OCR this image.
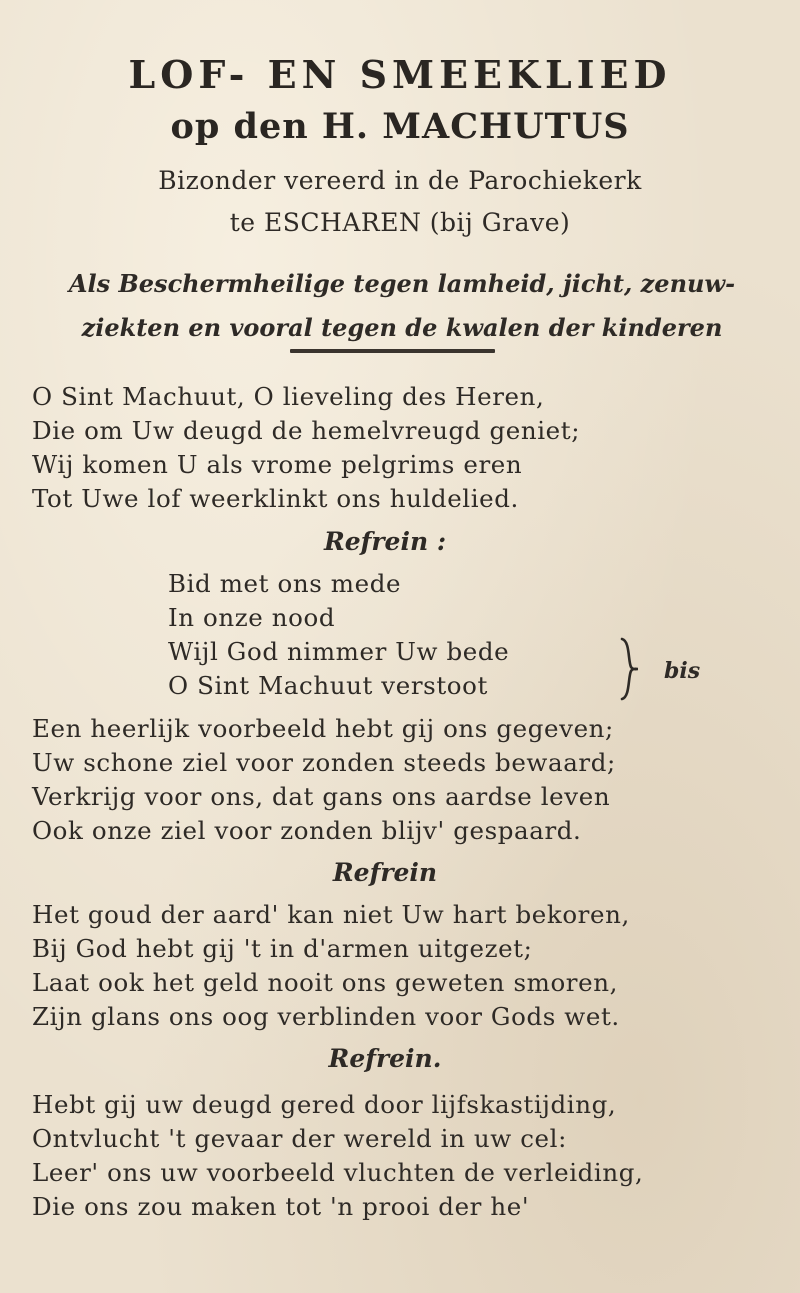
LOF- EN SMEEKLIED
op den H. MACHUTUS
Bizonder vereerd in de Parochiekerk
te ESCHAREN (bij Grave)
Als Beschermheilige tegen lamheid, jicht, zenuw-
ziekten en vooral tegen de kwalen der kinderen
O Sint Machuut, O lieveling des Heren,
Die om Uw deugd de hemelvreugd geniet;
Wij komen U als vrome pelgrims eren
Tot Uwe lof weerklinkt ons huldelied.
Refrein :
Bid met ons mede
In onze nood
Wijl God nimmer Uw bede
O Sint Machuut verstoot	bis
Een heerlijk voorbeeld hebt gij ons gegeven;
Uw schone ziel voor zonden steeds bewaard;
Verkrijg voor ons, dat gans ons aardse leven
Ook onze ziel voor zonden blijv' gespaard.
Refrein
Het goud der aard' kan niet Uw hart bekoren,
Bij God hebt gij 't in d'armen uitgezet;
Laat ook het geld nooit ons geweten smoren,
Zijn glans ons oog verblinden voor Gods wet.
Refrein.
Hebt gij uw deugd gered door lijfskastijding,
Ontvlucht 't gevaar der wereld in uw cel:
Leer' ons uw voorbeeld vluchten de verleiding,
Die ons zou maken tot 'n prooi der he'
